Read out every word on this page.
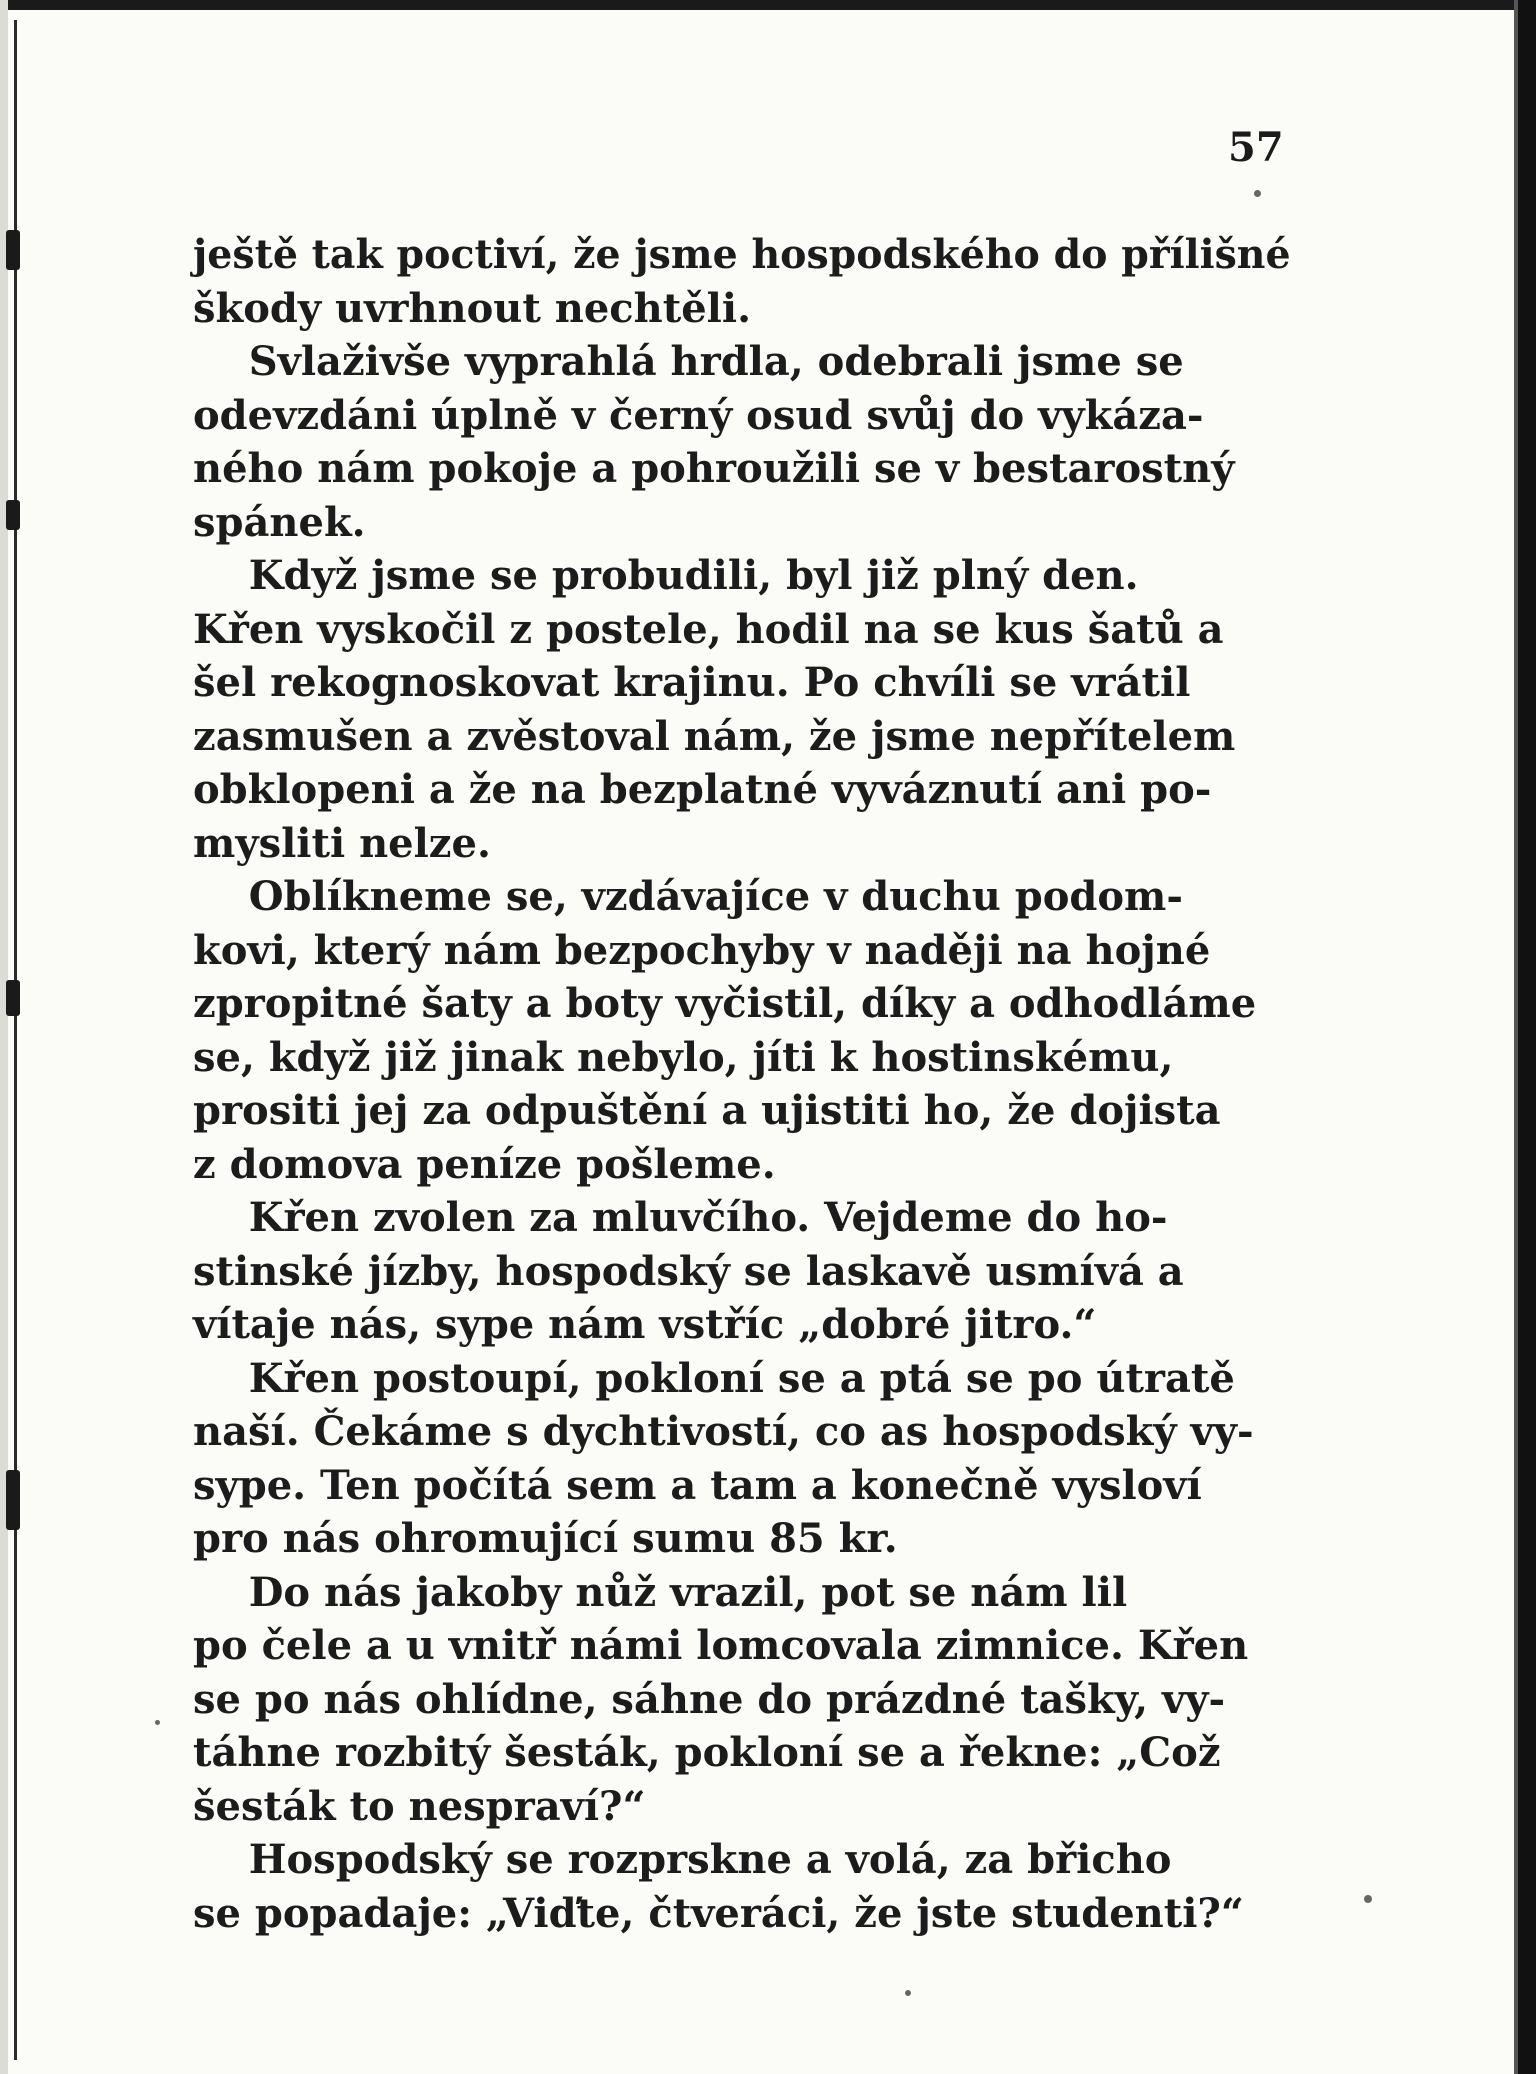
57
ještě tak poctiví, že jsme hospodského do přílišné
škody uvrhnout nechtěli.
Svlaživše vyprahlá hrdla, odebrali jsme se
odevzdáni úplně v černý osud svůj do vykáza-
ného nám pokoje a pohroužili se v bestarostný
spánek.
Když jsme se probudili, byl již plný den.
Křen vyskočil z postele, hodil na se kus šatů a
šel rekognoskovat krajinu. Po chvíli se vrátil
zasmušen a zvěstoval nám, že jsme nepřítelem
obklopeni a že na bezplatné vyváznutí ani po-
mysliti nelze.
Oblíkneme se, vzdávajíce v duchu podom-
kovi, který nám bezpochyby v naději na hojné
zpropitné šaty a boty vyčistil, díky a odhodláme
se, když již jinak nebylo, jíti k hostinskému,
prositi jej za odpuštění a ujistiti ho, že dojista
z domova peníze pošleme.
Křen zvolen za mluvčího. Vejdeme do ho-
stinské jízby, hospodský se laskavě usmívá a
vítaje nás, sype nám vstříc „dobré jitro.“
Křen postoupí, pokloní se a ptá se po útratě
naší. Čekáme s dychtivostí, co as hospodský vy-
sype. Ten počítá sem a tam a konečně vysloví
pro nás ohromující sumu 85 kr.
Do nás jakoby nůž vrazil, pot se nám lil
po čele a u vnitř námi lomcovala zimnice. Křen
se po nás ohlídne, sáhne do prázdné tašky, vy-
táhne rozbitý šesták, pokloní se a řekne: „Což
šesták to nespraví?“
Hospodský se rozprskne a volá, za břicho
se popadaje: „Viďte, čtveráci, že jste studenti?“
